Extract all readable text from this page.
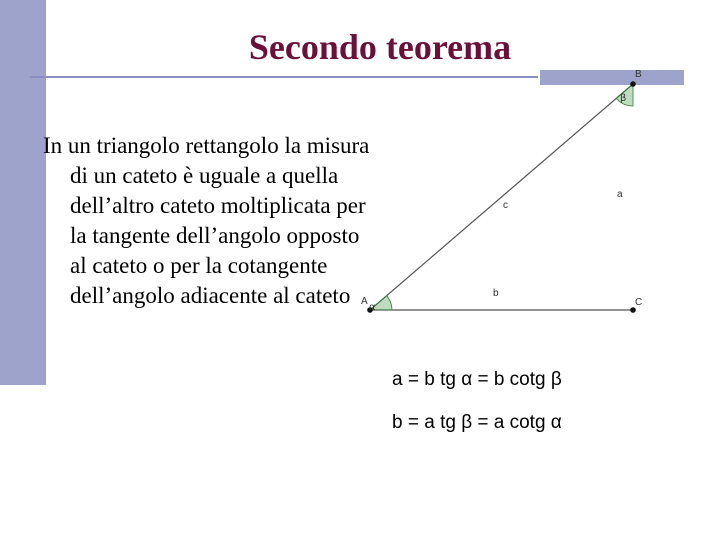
Secondo teorema

In un triangolo rettangolo la misura di un cateto è uguale a quella dell’altro cateto moltiplicata per la tangente dell’angolo opposto al cateto o per la cotangente dell’angolo adiacente al cateto	A
B
C
a
b
c
α
β

a = b tg α = b cotg β

b = a tg β = a cotg α
